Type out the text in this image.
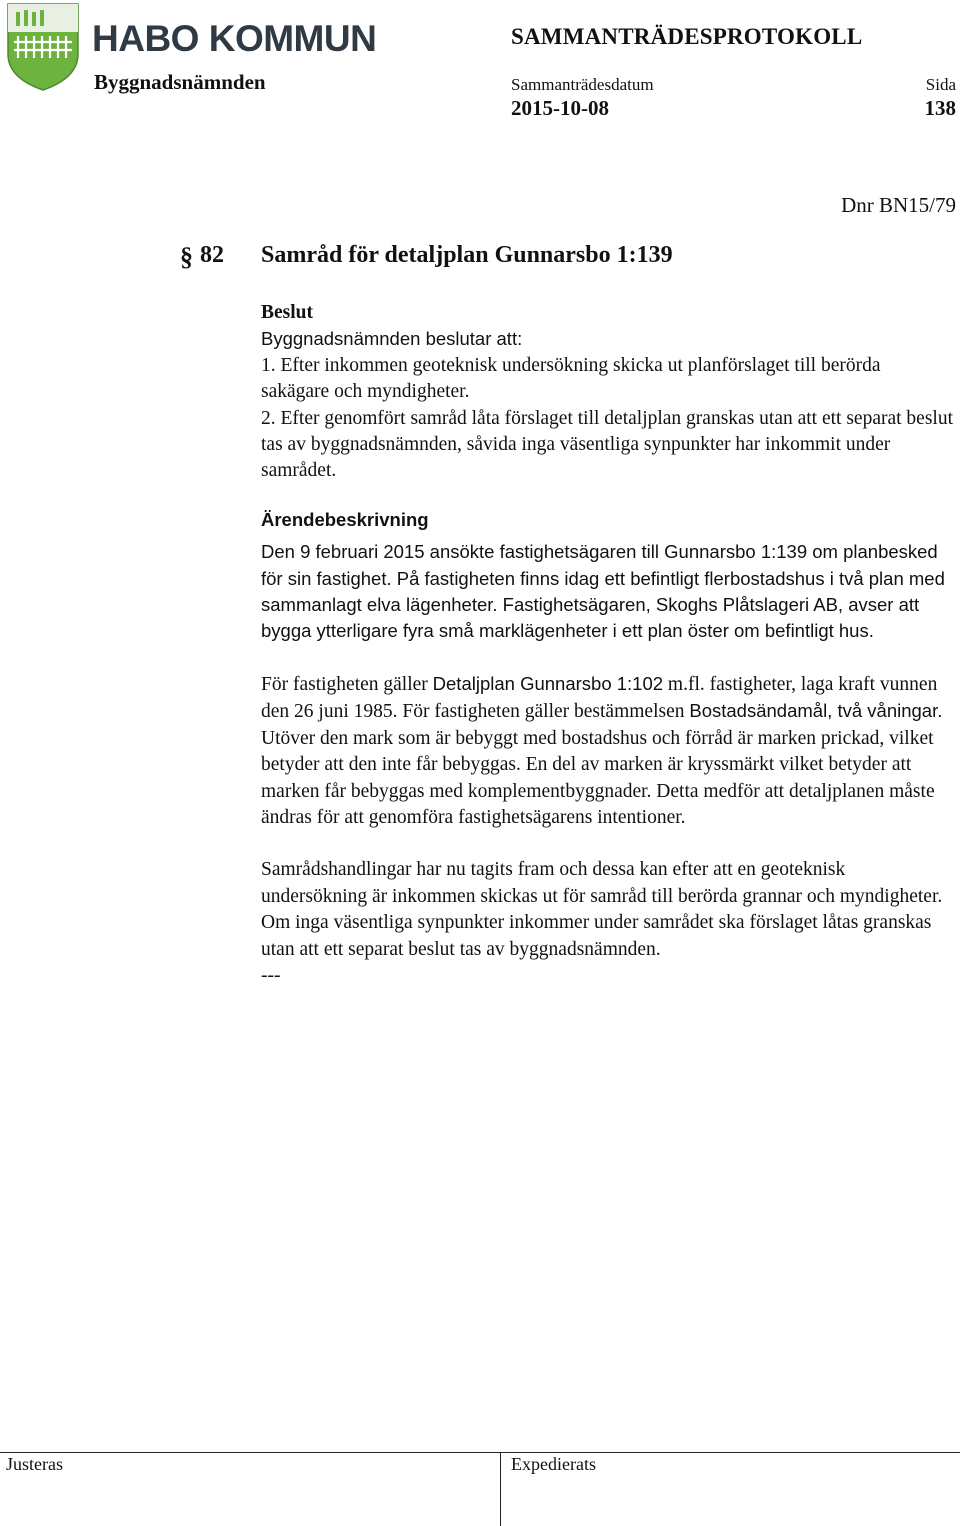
HABO KOMMUN
Byggnadsnämnden
SAMMANTRÄDESPROTOKOLL
Sammanträdesdatum	Sida
2015-10-08	138
Dnr BN15/79
§ 82 Samråd för detaljplan Gunnarsbo 1:139

Beslut

Byggnadsnämnden beslutar att:

1. Efter inkommen geoteknisk undersökning skicka ut planförslaget till berörda sakägare och myndigheter.

2. Efter genomfört samråd låta förslaget till detaljplan granskas utan att ett separat beslut tas av byggnadsnämnden, såvida inga väsentliga synpunkter har inkommit under samrådet.

Ärendebeskrivning

Den 9 februari 2015 ansökte fastighetsägaren till Gunnarsbo 1:139 om planbesked för sin fastighet. På fastigheten finns idag ett befintligt flerbostadshus i två plan med sammanlagt elva lägenheter. Fastighetsägaren, Skoghs Plåtslageri AB, avser att bygga ytterligare fyra små marklägenheter i ett plan öster om befintligt hus.

För fastigheten gäller Detaljplan Gunnarsbo 1:102 m.fl. fastigheter, laga kraft vunnen den 26 juni 1985. För fastigheten gäller bestämmelsen Bostadsändamål, två våningar. Utöver den mark som är bebyggt med bostadshus och förråd är marken prickad, vilket betyder att den inte får bebyggas. En del av marken är kryssmärkt vilket betyder att marken får bebyggas med komplementbyggnader. Detta medför att detaljplanen måste ändras för att genomföra fastighetsägarens intentioner.

Samrådshandlingar har nu tagits fram och dessa kan efter att en geoteknisk undersökning är inkommen skickas ut för samråd till berörda grannar och myndigheter. Om inga väsentliga synpunkter inkommer under samrådet ska förslaget låtas granskas utan att ett separat beslut tas av byggnadsnämnden.

---

Justeras	Expedierats
